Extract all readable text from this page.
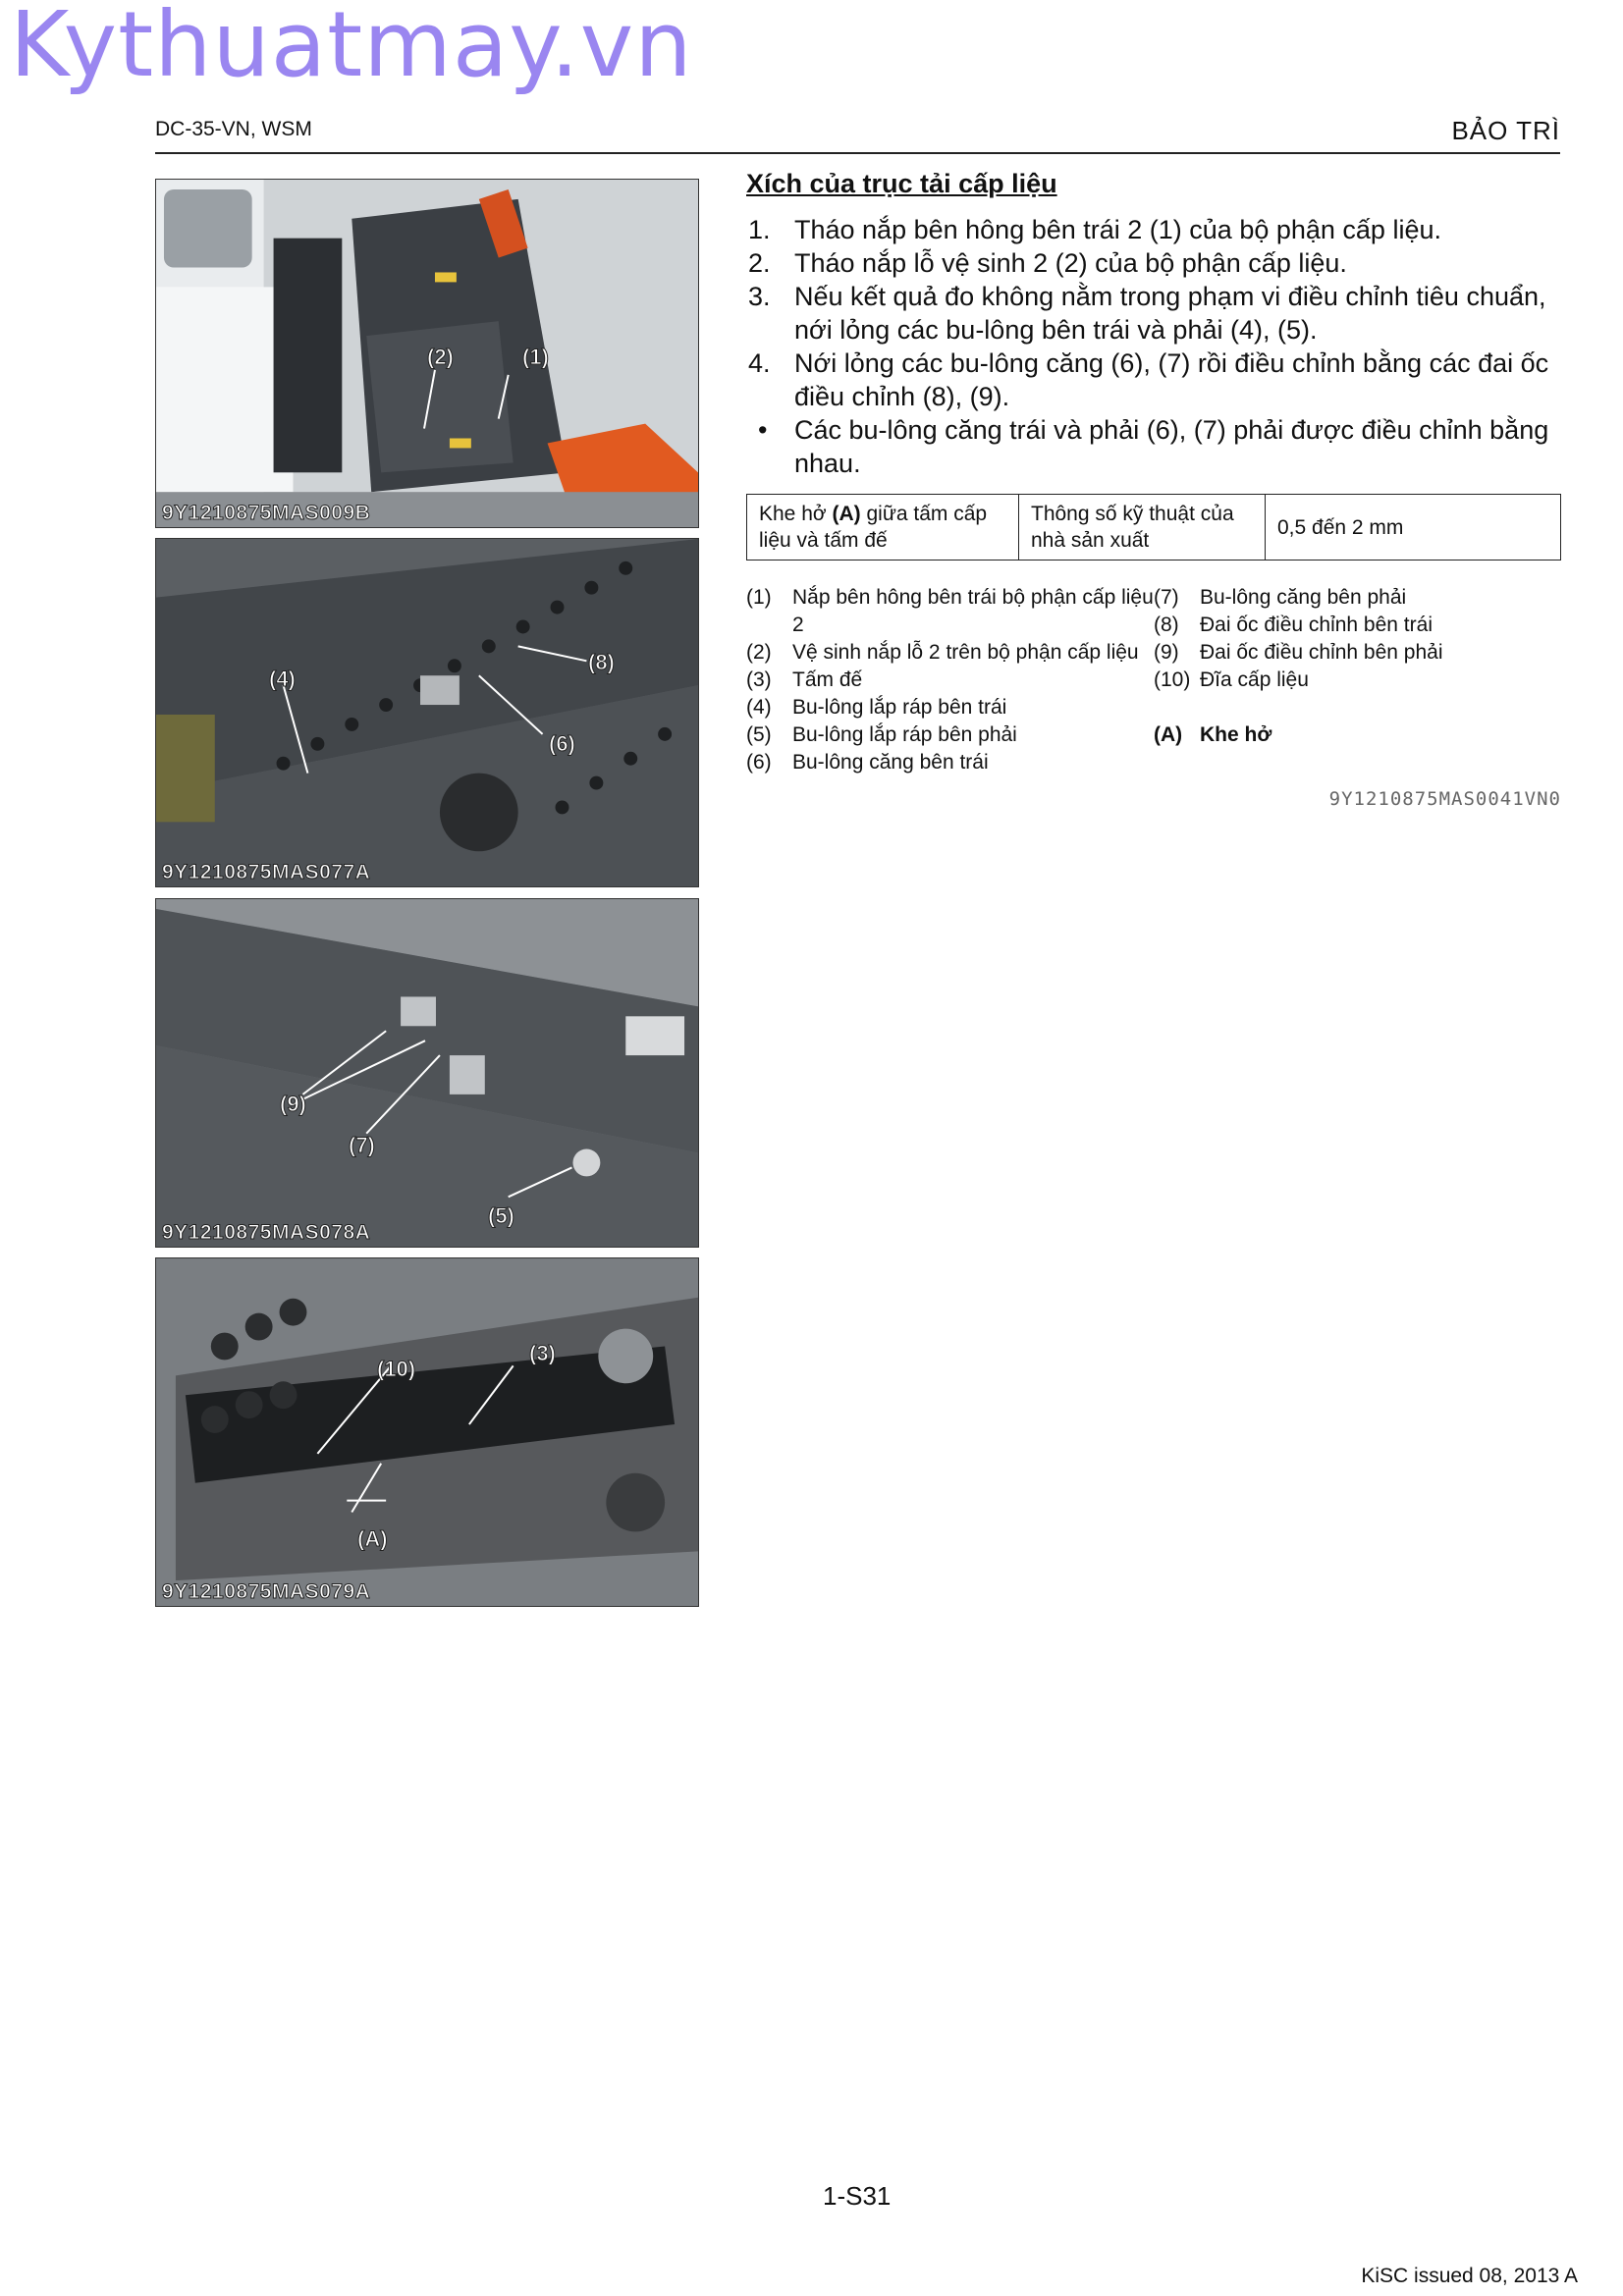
Kythuatmay.vn
DC-35-VN, WSM	BẢO TRÌ
(2)	(1)
9Y1210875MAS009B
(4)
(8)
(6)
9Y1210875MAS077A
(9)
(7)
(5)
9Y1210875MAS078A
(10)
(3)
(A)
9Y1210875MAS079A
Xích của trục tải cấp liệu
1. Tháo nắp bên hông bên trái 2 (1) của bộ phận cấp liệu.
2. Tháo nắp lỗ vệ sinh 2 (2) của bộ phận cấp liệu.
3. Nếu kết quả đo không nằm trong phạm vi điều chỉnh tiêu chuẩn, nới lỏng các bu-lông bên trái và phải (4), (5).
4. Nới lỏng các bu-lông căng (6), (7) rồi điều chỉnh bằng các đai ốc điều chỉnh (8), (9).
• Các bu-lông căng trái và phải (6), (7) phải được điều chỉnh bằng nhau.
Khe hở (A) giữa tấm cấp liệu và tấm đế	Thông số kỹ thuật của nhà sản xuất	0,5 đến 2 mm
(1)	Nắp bên hông bên trái bộ phận cấp liệu 2
(2)	Vệ sinh nắp lỗ 2 trên bộ phận cấp liệu
(3)	Tấm đế
(4)	Bu-lông lắp ráp bên trái
(5)	Bu-lông lắp ráp bên phải
(6)	Bu-lông căng bên trái
(7)	Bu-lông căng bên phải
(8)	Đai ốc điều chỉnh bên trái
(9)	Đai ốc điều chỉnh bên phải
(10) Đĩa cấp liệu
(A) Khe hở
9Y1210875MAS0041VN0
1-S31
KiSC issued 08, 2013 A
